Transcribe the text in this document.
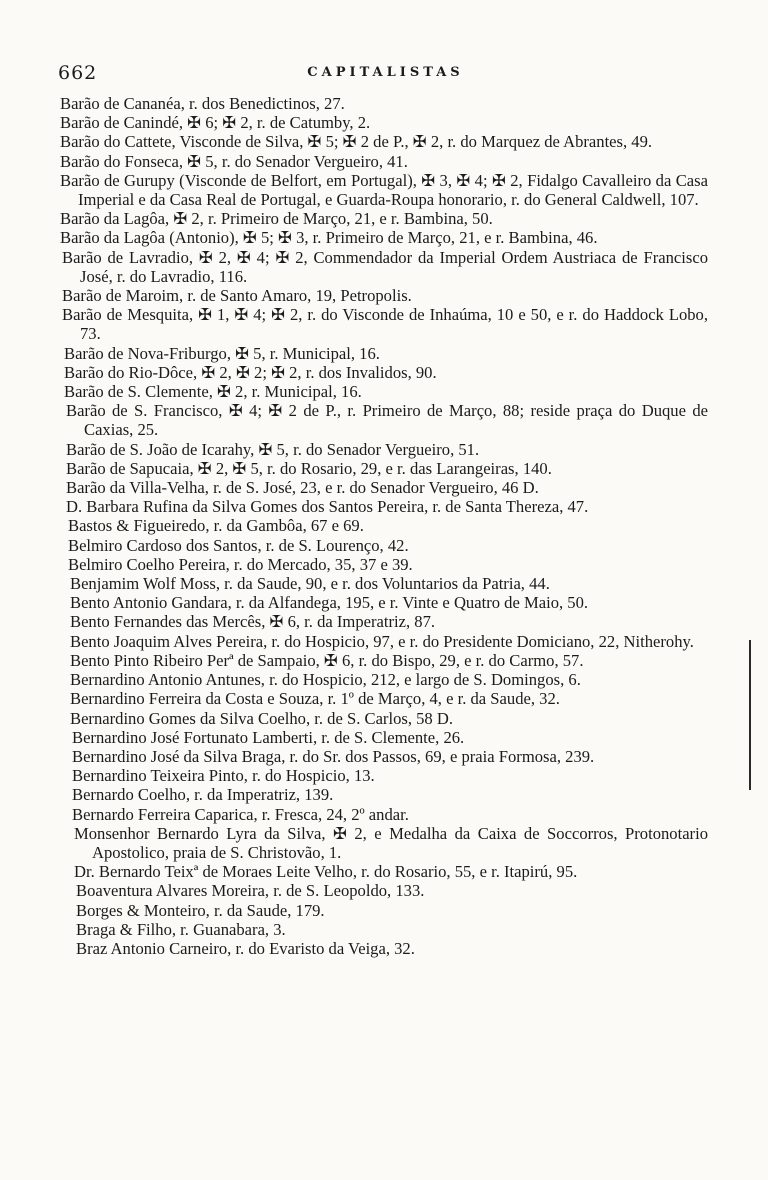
662	CAPITALISTAS
Barão de Cananéa, r. dos Benedictinos, 27.
Barão de Canindé, ✠ 6; ✠ 2, r. de Catumby, 2.
Barão do Cattete, Visconde de Silva, ✠ 5; ✠ 2 de P., ✠ 2, r. do Marquez de Abrantes, 49.
Barão do Fonseca, ✠ 5, r. do Senador Vergueiro, 41.
Barão de Gurupy (Visconde de Belfort, em Portugal), ✠ 3, ✠ 4; ✠ 2, Fidalgo Cavalleiro da Casa Imperial e da Casa Real de Portugal, e Guarda-Roupa honorario, r. do General Caldwell, 107.
Barão da Lagôa, ✠ 2, r. Primeiro de Março, 21, e r. Bambina, 50.
Barão da Lagôa (Antonio), ✠ 5; ✠ 3, r. Primeiro de Março, 21, e r. Bambina, 46.
Barão de Lavradio, ✠ 2, ✠ 4; ✠ 2, Commendador da Imperial Ordem Austriaca de Francisco José, r. do Lavradio, 116.
Barão de Maroim, r. de Santo Amaro, 19, Petropolis.
Barão de Mesquita, ✠ 1, ✠ 4; ✠ 2, r. do Visconde de Inhaúma, 10 e 50, e r. do Haddock Lobo, 73.
Barão de Nova-Friburgo, ✠ 5, r. Municipal, 16.
Barão do Rio-Dôce, ✠ 2, ✠ 2; ✠ 2, r. dos Invalidos, 90.
Barão de S. Clemente, ✠ 2, r. Municipal, 16.
Barão de S. Francisco, ✠ 4; ✠ 2 de P., r. Primeiro de Março, 88; reside praça do Duque de Caxias, 25.
Barão de S. João de Icarahy, ✠ 5, r. do Senador Vergueiro, 51.
Barão de Sapucaia, ✠ 2, ✠ 5, r. do Rosario, 29, e r. das Larangeiras, 140.
Barão da Villa-Velha, r. de S. José, 23, e r. do Senador Vergueiro, 46 D.
D. Barbara Rufina da Silva Gomes dos Santos Pereira, r. de Santa Thereza, 47.
Bastos & Figueiredo, r. da Gambôa, 67 e 69.
Belmiro Cardoso dos Santos, r. de S. Lourenço, 42.
Belmiro Coelho Pereira, r. do Mercado, 35, 37 e 39.
Benjamim Wolf Moss, r. da Saude, 90, e r. dos Voluntarios da Patria, 44.
Bento Antonio Gandara, r. da Alfandega, 195, e r. Vinte e Quatro de Maio, 50.
Bento Fernandes das Mercês, ✠ 6, r. da Imperatriz, 87.
Bento Joaquim Alves Pereira, r. do Hospicio, 97, e r. do Presidente Domiciano, 22, Nitherohy.
Bento Pinto Ribeiro Perª de Sampaio, ✠ 6, r. do Bispo, 29, e r. do Carmo, 57.
Bernardino Antonio Antunes, r. do Hospicio, 212, e largo de S. Domingos, 6.
Bernardino Ferreira da Costa e Souza, r. 1º de Março, 4, e r. da Saude, 32.
Bernardino Gomes da Silva Coelho, r. de S. Carlos, 58 D.
Bernardino José Fortunato Lamberti, r. de S. Clemente, 26.
Bernardino José da Silva Braga, r. do Sr. dos Passos, 69, e praia Formosa, 239.
Bernardino Teixeira Pinto, r. do Hospicio, 13.
Bernardo Coelho, r. da Imperatriz, 139.
Bernardo Ferreira Caparica, r. Fresca, 24, 2º andar.
Monsenhor Bernardo Lyra da Silva, ✠ 2, e Medalha da Caixa de Soccorros, Protonotario Apostolico, praia de S. Christovão, 1.
Dr. Bernardo Teixª de Moraes Leite Velho, r. do Rosario, 55, e r. Itapirú, 95.
Boaventura Alvares Moreira, r. de S. Leopoldo, 133.
Borges & Monteiro, r. da Saude, 179.
Braga & Filho, r. Guanabara, 3.
Braz Antonio Carneiro, r. do Evaristo da Veiga, 32.
